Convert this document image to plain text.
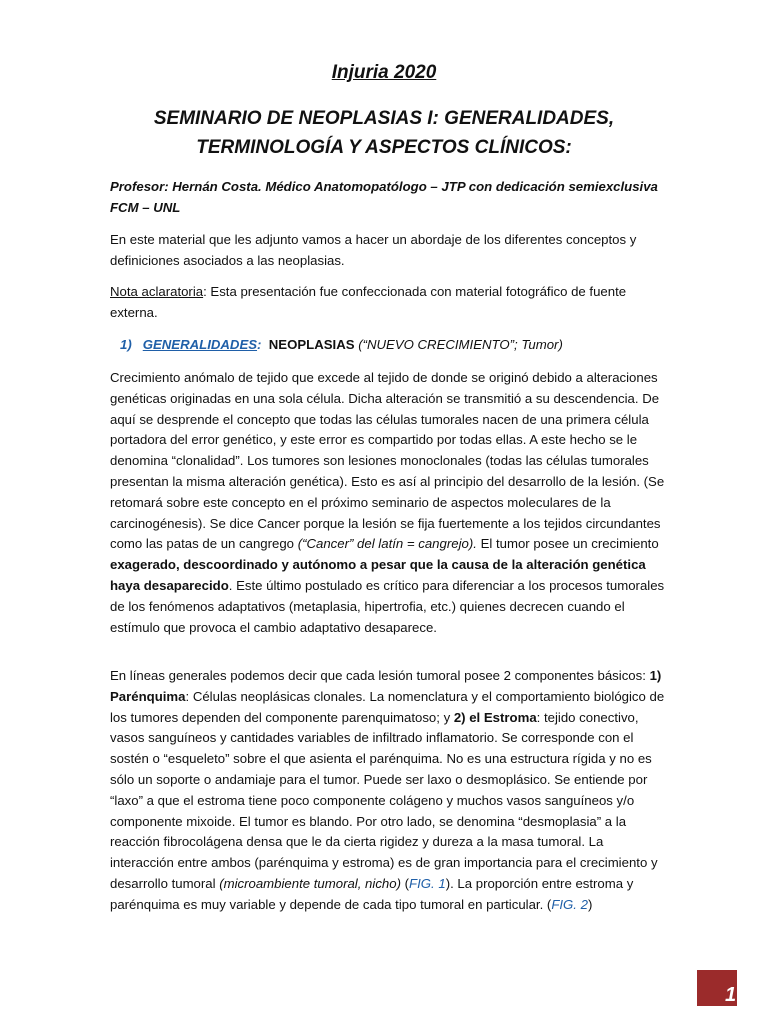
Injuria 2020
SEMINARIO DE NEOPLASIAS I: GENERALIDADES,
TERMINOLOGÍA Y ASPECTOS CLÍNICOS:
Profesor: Hernán Costa. Médico Anatomopatólogo – JTP con dedicación semiexclusiva FCM – UNL

En este material que les adjunto vamos a hacer un abordaje de los diferentes conceptos y definiciones asociados a las neoplasias.

Nota aclaratoria: Esta presentación fue confeccionada con material fotográfico de fuente externa.

1) GENERALIDADES: NEOPLASIAS (“NUEVO CRECIMIENTO”; Tumor)

Crecimiento anómalo de tejido que excede al tejido de donde se originó debido a alteraciones genéticas originadas en una sola célula. Dicha alteración se transmitió a su descendencia. De aquí se desprende el concepto que todas las células tumorales nacen de una primera célula portadora del error genético, y este error es compartido por todas ellas. A este hecho se le denomina “clonalidad”. Los tumores son lesiones monoclonales (todas las células tumorales presentan la misma alteración genética). Esto es así al principio del desarrollo de la lesión. (Se retomará sobre este concepto en el próximo seminario de aspectos moleculares de la carcinogénesis). Se dice Cancer porque la lesión se fija fuertemente a los tejidos circundantes como las patas de un cangrego (“Cancer” del latín = cangrejo). El tumor posee un crecimiento exagerado, descoordinado y autónomo a pesar que la causa de la alteración genética haya desaparecido. Este último postulado es crítico para diferenciar a los procesos tumorales de los fenómenos adaptativos (metaplasia, hipertrofia, etc.) quienes decrecen cuando el estímulo que provoca el cambio adaptativo desaparece.

En líneas generales podemos decir que cada lesión tumoral posee 2 componentes básicos: 1) Parénquima: Células neoplásicas clonales. La nomenclatura y el comportamiento biológico de los tumores dependen del componente parenquimatoso; y 2) el Estroma: tejido conectivo, vasos sanguíneos y cantidades variables de infiltrado inflamatorio. Se corresponde con el sostén o “esqueleto” sobre el que asienta el parénquima. No es una estructura rígida y no es sólo un soporte o andamiaje para el tumor. Puede ser laxo o desmoplásico. Se entiende por “laxo” a que el estroma tiene poco componente colágeno y muchos vasos sanguíneos y/o componente mixoide. El tumor es blando. Por otro lado, se denomina “desmoplasia” a la reacción fibrocolágena densa que le da cierta rigidez y dureza a la masa tumoral. La interacción entre ambos (parénquima y estroma) es de gran importancia para el crecimiento y desarrollo tumoral (microambiente tumoral, nicho) (FIG. 1). La proporción entre estroma y parénquima es muy variable y depende de cada tipo tumoral en particular. (FIG. 2)

1
